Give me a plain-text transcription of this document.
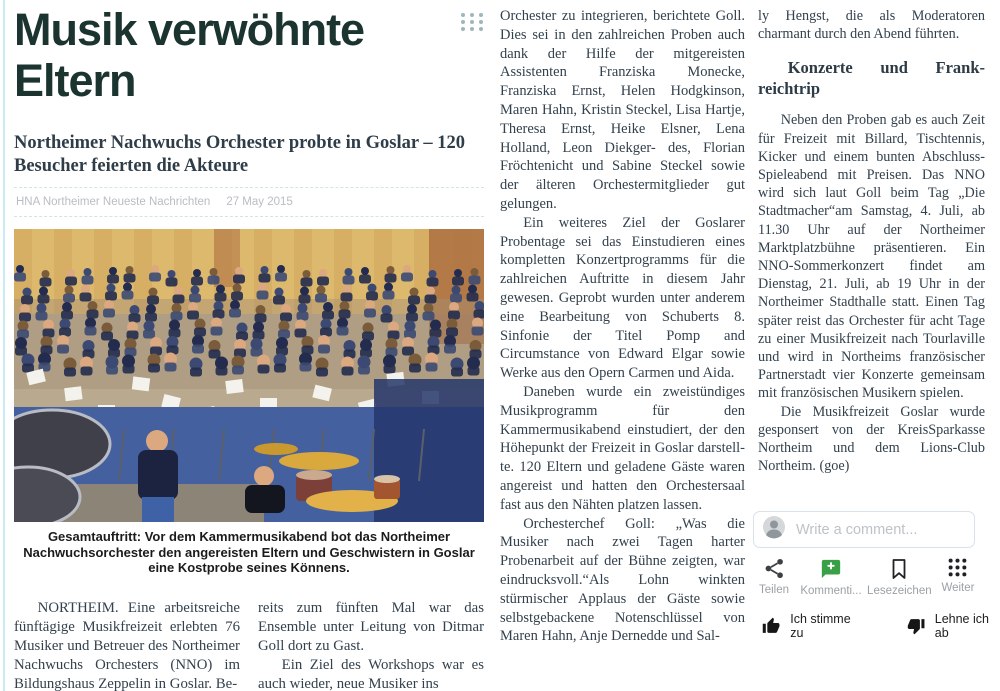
Musik verwöhnte Eltern
Northeimer Nachwuchs Orchester probte in Goslar – 120 Besucher feierten die Akteure
HNA Northeimer Neueste Nachrichten 27 May 2015

Gesamtauftritt: Vor dem Kammermusikabend bot das Northeimer Nachwuchsorchester den angereisten Eltern und Geschwistern in Goslar eine Kostprobe seines Könnens.

NORTHEIM. Eine arbeitsreiche fünftägige Musikfreizeit erlebten 76 Musiker und Betreuer des Northeimer Nachwuchs Orchesters (NNO) im Bildungshaus Zeppelin in Goslar. Be-

reits zum fünften Mal war das Ensemble unter Leitung von Ditmar Goll dort zu Gast.

Ein Ziel des Workshops war es auch wieder, neue Musiker ins

Orchester zu integrieren, berichtete Goll. Dies sei in den zahlreichen Proben auch dank der Hilfe der mitgereisten Assistenten Franziska Monecke, Franziska Ernst, Helen Hodgkinson, Maren Hahn, Kristin Steckel, Lisa Hartje, Theresa Ernst, Heike Elsner, Lena Holland, Leon Diekger- des, Florian Fröchtenicht und Sabine Steckel sowie der älteren Orchestermitglieder gut gelungen.

Ein weiteres Ziel der Goslarer Probentage sei das Einstudieren eines kompletten Konzertprogramms für die zahlreichen Auftritte in diesem Jahr gewesen. Geprobt wurden unter anderem eine Bearbeitung von Schuberts 8. Sinfonie der Titel Pomp and Circumstance von Edward Elgar sowie Werke aus den Opern Carmen und Aida.

Daneben wurde ein zweistündiges Musikprogramm für den Kammermusikabend einstudiert, der den Höhepunkt der Freizeit in Goslar darstell- te. 120 Eltern und geladene Gäste waren angereist und hatten den Orchestersaal fast aus den Nähten platzen lassen.

Orchesterchef Goll: „Was die Musiker nach zwei Tagen harter Probenarbeit auf der Bühne zeigten, war eindrucksvoll.“Als Lohn winkten stürmischer Applaus der Gäste sowie selbstgebackene Notenschlüssel von Maren Hahn, Anje Dernedde und Sal-

ly Hengst, die als Moderatoren charmant durch den Abend führten.

Konzerte und Frank-
reichtrip

Neben den Proben gab es auch Zeit für Freizeit mit Billard, Tischtennis, Kicker und einem bunten Abschluss-Spieleabend mit Preisen. Das NNO wird sich laut Goll beim Tag „Die Stadtmacher“am Samstag, 4. Juli, ab 11.30 Uhr auf der Northeimer Marktplatzbühne präsentieren. Ein NNO-Sommerkonzert findet am Dienstag, 21. Juli, ab 19 Uhr in der Northeimer Stadthalle statt. Einen Tag später reist das Orchester für acht Tage zu einer Musikfreizeit nach Tourlaville und wird in Northeims französischer Partnerstadt vier Konzerte gemeinsam mit französischen Musikern spielen.

Die Musikfreizeit Goslar wurde gesponsert von der KreisSparkasse Northeim und dem Lions-Club Northeim. (goe)

Write a comment...
Teilen Kommenti... Lesezeichen Weiter
Ich stimme zu
Lehne ich ab
